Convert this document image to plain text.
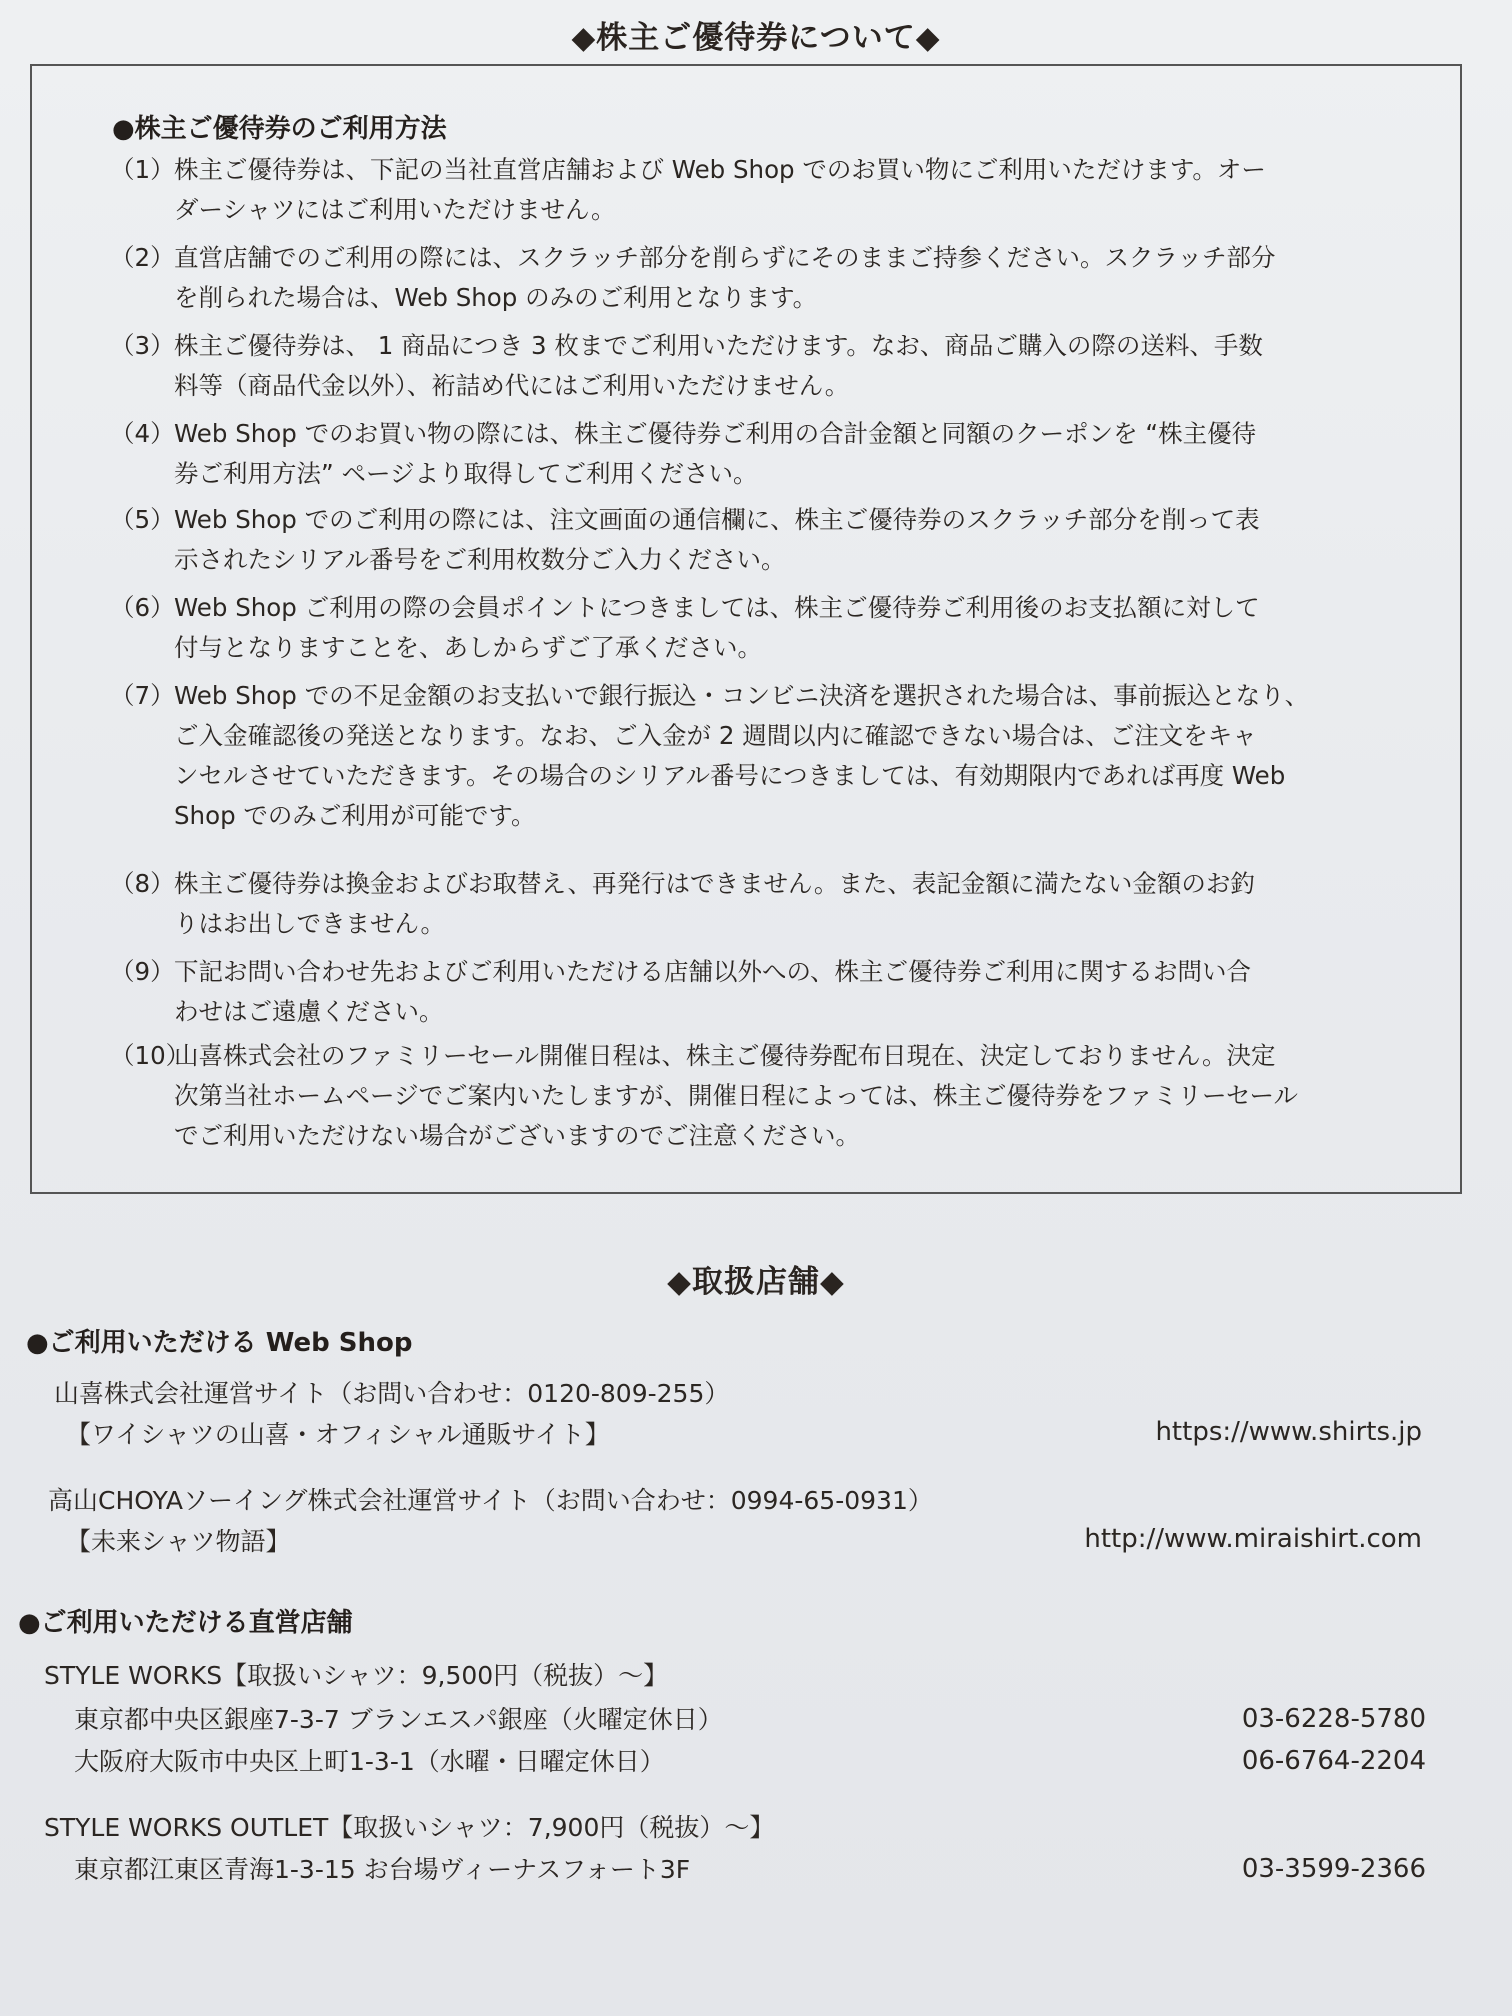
◆株主ご優待券について◆
●株主ご優待券のご利用方法
（1） 株主ご優待券は、下記の当社直営店舗および Web Shop でのお買い物にご利用いただけます。オー
ダーシャツにはご利用いただけません。
（2） 直営店舗でのご利用の際には、スクラッチ部分を削らずにそのままご持参ください。スクラッチ部分
を削られた場合は、Web Shop のみのご利用となります。
（3） 株主ご優待券は、 1 商品につき 3 枚までご利用いただけます。なお、商品ご購入の際の送料、手数
料等（商品代金以外）、裄詰め代にはご利用いただけません。
（4） Web Shop でのお買い物の際には、株主ご優待券ご利用の合計金額と同額のクーポンを “株主優待
券ご利用方法” ページより取得してご利用ください。
（5） Web Shop でのご利用の際には、注文画面の通信欄に、株主ご優待券のスクラッチ部分を削って表
示されたシリアル番号をご利用枚数分ご入力ください。
（6） Web Shop ご利用の際の会員ポイントにつきましては、株主ご優待券ご利用後のお支払額に対して
付与となりますことを、あしからずご了承ください。
（7） Web Shop での不足金額のお支払いで銀行振込・コンビニ決済を選択された場合は、事前振込となり、
ご入金確認後の発送となります。なお、ご入金が 2 週間以内に確認できない場合は、ご注文をキャ
ンセルさせていただきます。その場合のシリアル番号につきましては、有効期限内であれば再度 Web
Shop でのみご利用が可能です。
（8） 株主ご優待券は換金およびお取替え、再発行はできません。また、表記金額に満たない金額のお釣
りはお出しできません。
（9） 下記お問い合わせ先およびご利用いただける店舗以外への、株主ご優待券ご利用に関するお問い合
わせはご遠慮ください。
（10）
山喜株式会社のファミリーセール開催日程は、株主ご優待券配布日現在、決定しておりません。決定
次第当社ホームページでご案内いたしますが、開催日程によっては、株主ご優待券をファミリーセール
でご利用いただけない場合がございますのでご注意ください。
◆取扱店舗◆
●ご利用いただける Web Shop
山喜株式会社運営サイト（お問い合わせ：0120-809-255）
【ワイシャツの山喜・オフィシャル通販サイト】	https://www.shirts.jp
高山CHOYAソーイング株式会社運営サイト（お問い合わせ：0994-65-0931）
【未来シャツ物語】	http://www.miraishirt.com
●ご利用いただける直営店舗
STYLE WORKS【取扱いシャツ：9,500円（税抜）～】
東京都中央区銀座7-3-7 ブランエスパ銀座（火曜定休日）	03-6228-5780
大阪府大阪市中央区上町1-3-1（水曜・日曜定休日）	06-6764-2204
STYLE WORKS OUTLET【取扱いシャツ：7,900円（税抜）～】
東京都江東区青海1-3-15 お台場ヴィーナスフォート3F	03-3599-2366
